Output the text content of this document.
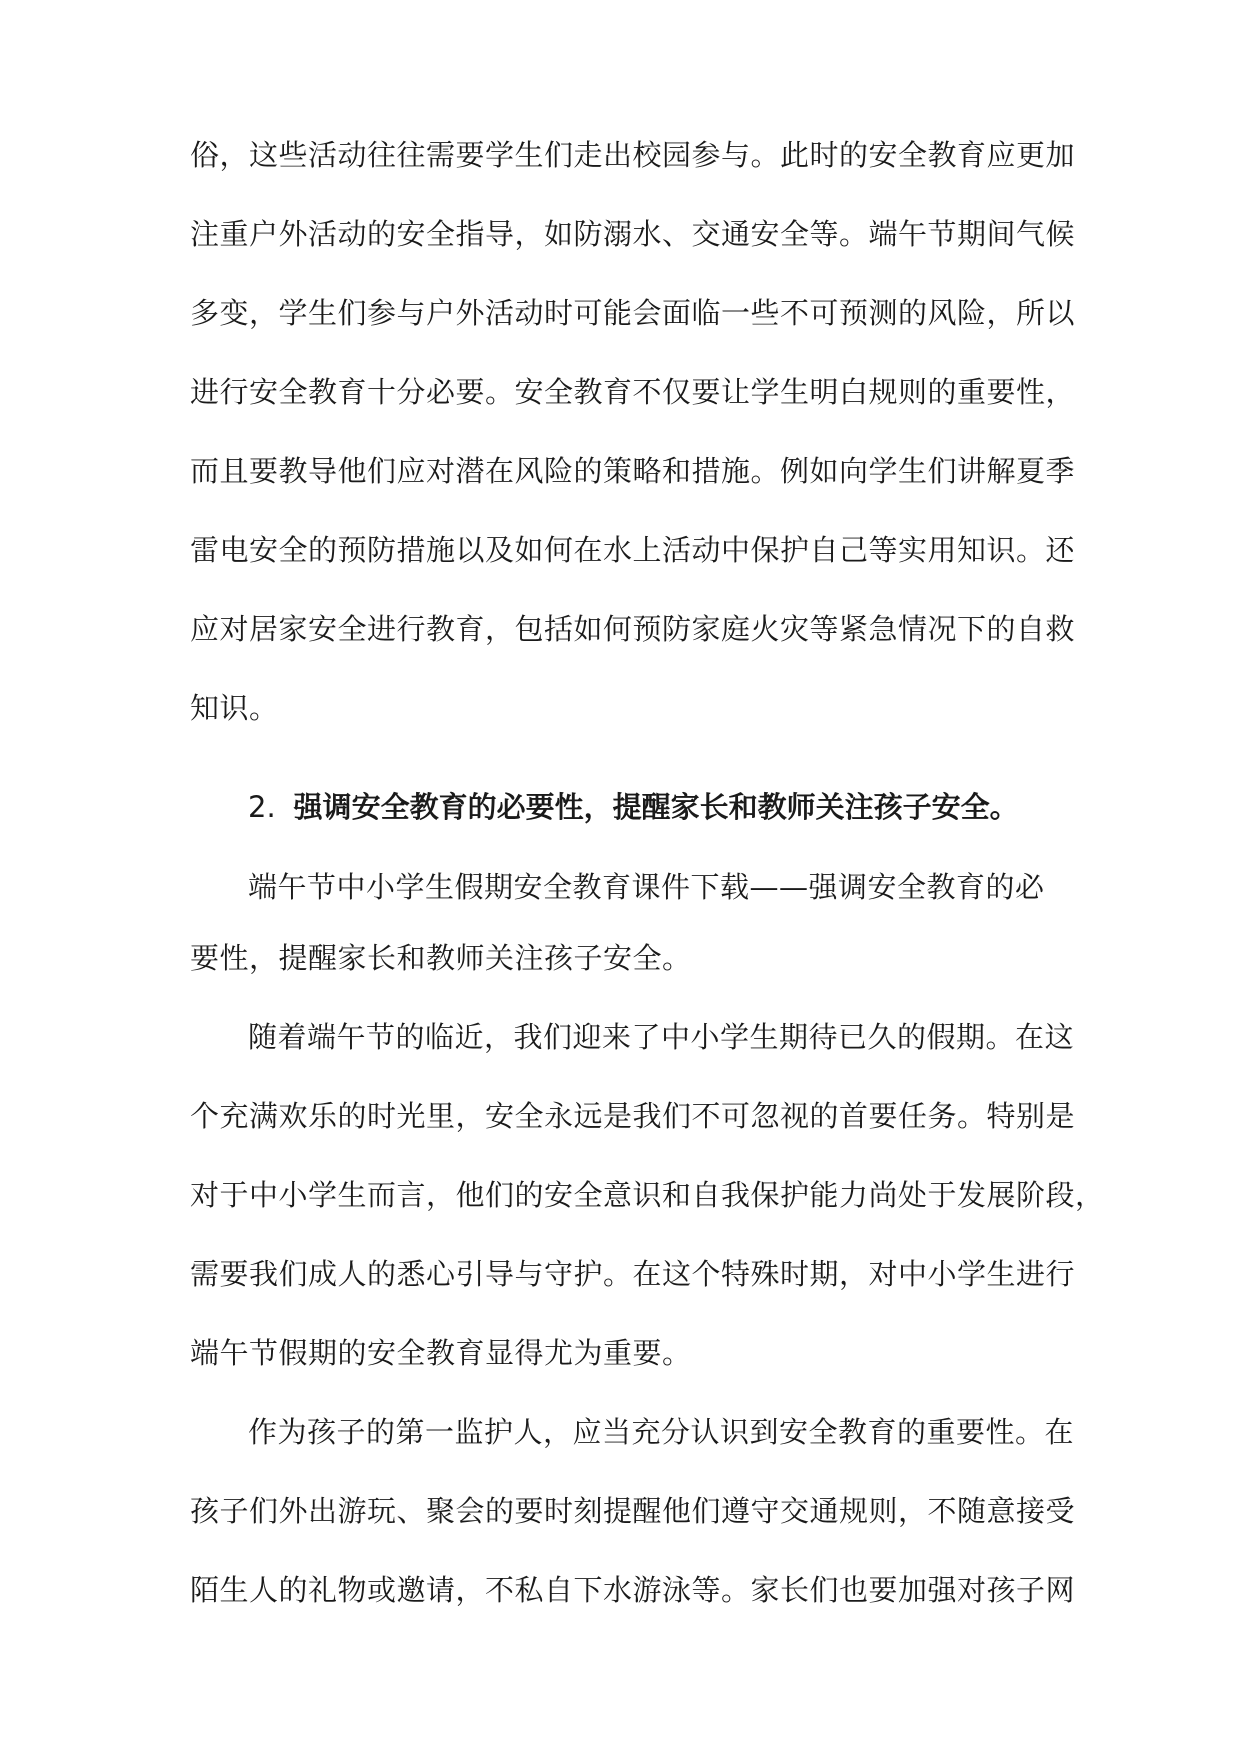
俗，这些活动往往需要学生们走出校园参与。此时的安全教育应更加
注重户外活动的安全指导，如防溺水、交通安全等。端午节期间气候
多变，学生们参与户外活动时可能会面临一些不可预测的风险，所以
进行安全教育十分必要。安全教育不仅要让学生明白规则的重要性，
而且要教导他们应对潜在风险的策略和措施。例如向学生们讲解夏季
雷电安全的预防措施以及如何在水上活动中保护自己等实用知识。还
应对居家安全进行教育，包括如何预防家庭火灾等紧急情况下的自救
知识。
2. 强调安全教育的必要性，提醒家长和教师关注孩子安全。
端午节中小学生假期安全教育课件下载——强调安全教育的必
要性，提醒家长和教师关注孩子安全。
随着端午节的临近，我们迎来了中小学生期待已久的假期。在这
个充满欢乐的时光里，安全永远是我们不可忽视的首要任务。特别是
对于中小学生而言，他们的安全意识和自我保护能力尚处于发展阶段，
需要我们成人的悉心引导与守护。在这个特殊时期，对中小学生进行
端午节假期的安全教育显得尤为重要。
作为孩子的第一监护人，应当充分认识到安全教育的重要性。在
孩子们外出游玩、聚会的要时刻提醒他们遵守交通规则，不随意接受
陌生人的礼物或邀请，不私自下水游泳等。家长们也要加强对孩子网
